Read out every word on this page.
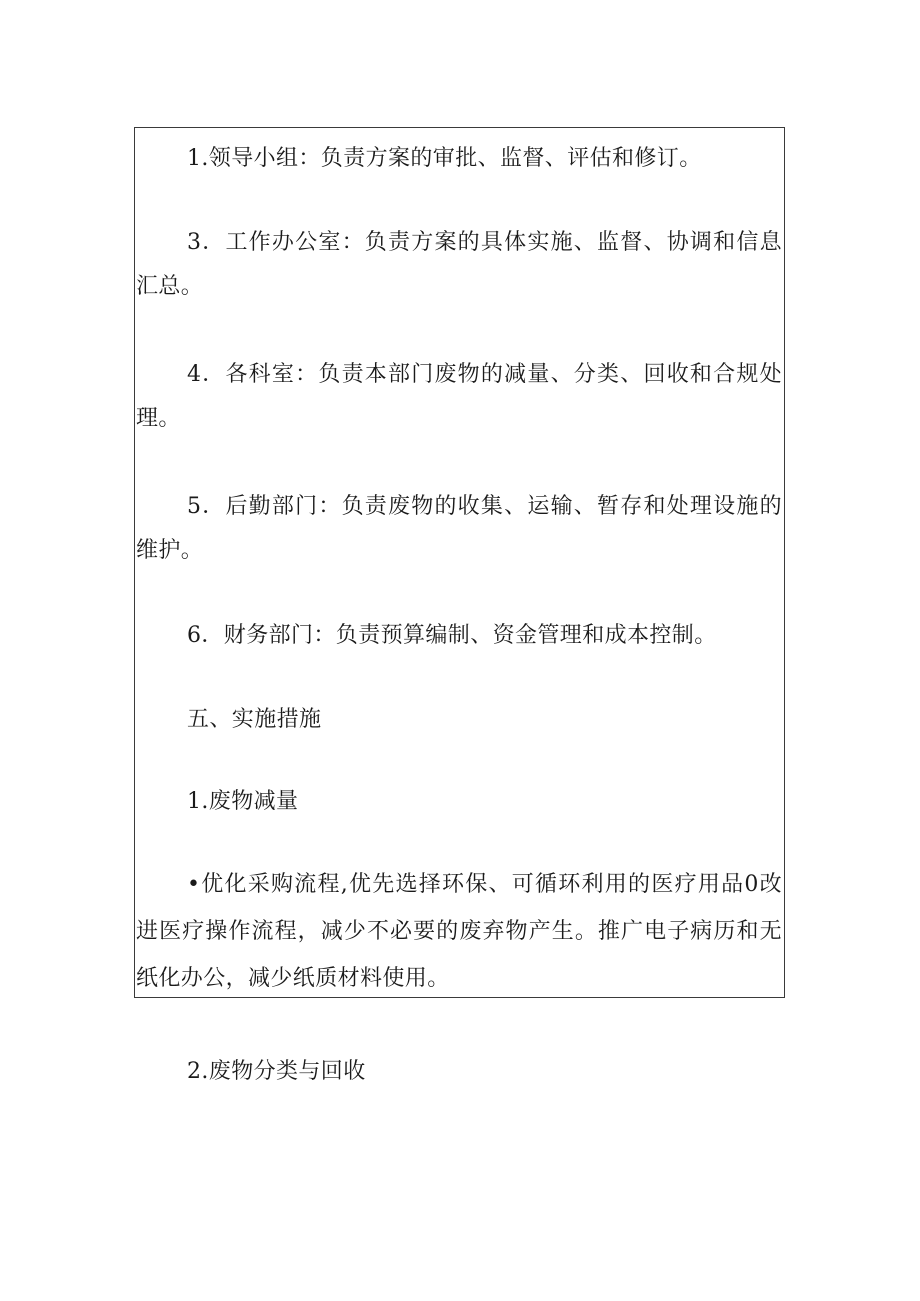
1.领导小组：负责方案的审批、监督、评估和修订。

3．工作办公室：负责方案的具体实施、监督、协调和信息汇总。

4．各科室：负责本部门废物的减量、分类、回收和合规处理。

5．后勤部门：负责废物的收集、运输、暂存和处理设施的维护。

6．财务部门：负责预算编制、资金管理和成本控制。

五、实施措施

1.废物减量

•优化采购流程,优先选择环保、可循环利用的医疗用品0改进医疗操作流程，减少不必要的废弃物产生。推广电子病历和无纸化办公，减少纸质材料使用。

2.废物分类与回收
